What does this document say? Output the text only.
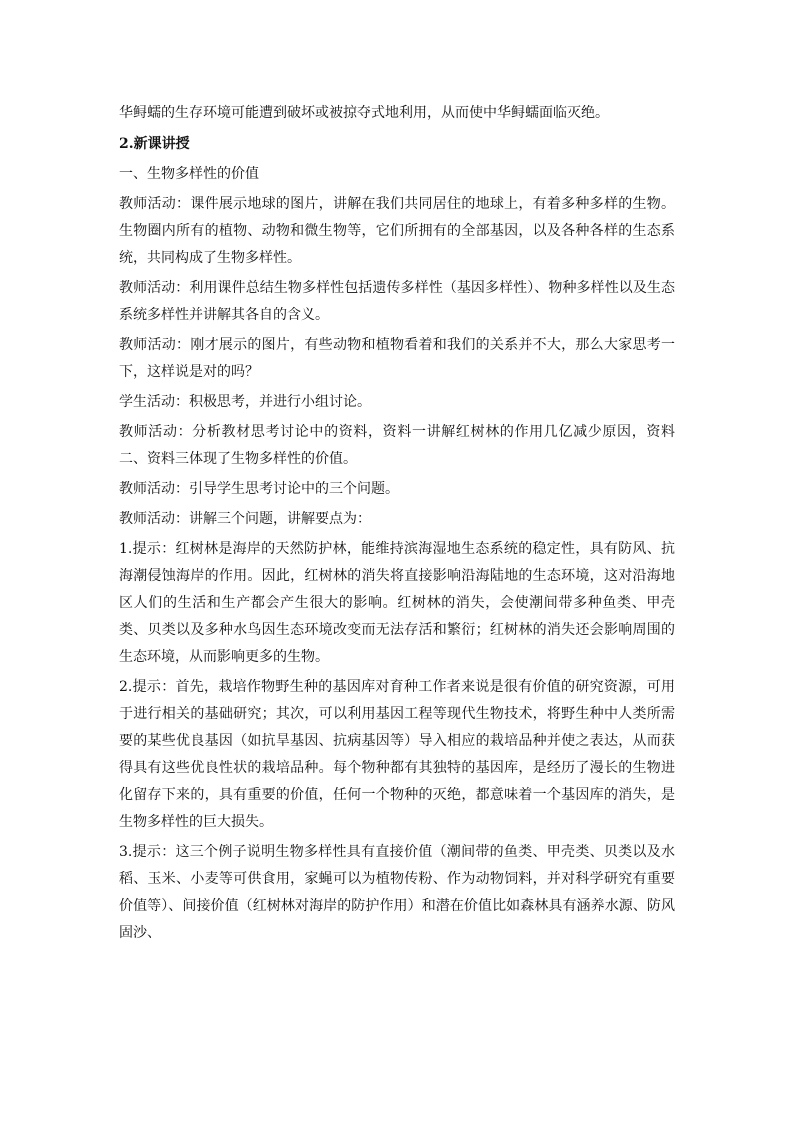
华鲟蠕的生存环境可能遭到破坏或被掠夺式地利用，从而使中华鲟蠕面临灭绝。

2.新课讲授

一、生物多样性的价值

教师活动：课件展示地球的图片，讲解在我们共同居住的地球上，有着多种多样的生物。生物圈内所有的植物、动物和微生物等，它们所拥有的全部基因，以及各种各样的生态系统，共同构成了生物多样性。

教师活动：利用课件总结生物多样性包括遗传多样性（基因多样性）、物种多样性以及生态系统多样性并讲解其各自的含义。

教师活动：刚才展示的图片，有些动物和植物看着和我们的关系并不大，那么大家思考一下，这样说是对的吗？

学生活动：积极思考，并进行小组讨论。

教师活动：分析教材思考讨论中的资料，资料一讲解红树林的作用几亿减少原因，资料二、资料三体现了生物多样性的价值。

教师活动：引导学生思考讨论中的三个问题。

教师活动：讲解三个问题，讲解要点为：

1.提示：红树林是海岸的天然防护林，能维持滨海湿地生态系统的稳定性，具有防风、抗海潮侵蚀海岸的作用。因此，红树林的消失将直接影响沿海陆地的生态环境，这对沿海地区人们的生活和生产都会产生很大的影响。红树林的消失，会使潮间带多种鱼类、甲壳类、贝类以及多种水鸟因生态环境改变而无法存活和繁衍；红树林的消失还会影响周围的生态环境，从而影响更多的生物。

2.提示：首先，栽培作物野生种的基因库对育种工作者来说是很有价值的研究资源，可用于进行相关的基础研究；其次，可以利用基因工程等现代生物技术，将野生种中人类所需要的某些优良基因（如抗旱基因、抗病基因等）导入相应的栽培品种并使之表达，从而获得具有这些优良性状的栽培品种。每个物种都有其独特的基因库，是经历了漫长的生物进化留存下来的，具有重要的价值，任何一个物种的灭绝，都意味着一个基因库的消失，是生物多样性的巨大损失。

3.提示：这三个例子说明生物多样性具有直接价值（潮间带的鱼类、甲壳类、贝类以及水稻、玉米、小麦等可供食用，家蝇可以为植物传粉、作为动物饲料，并对科学研究有重要价值等）、间接价值（红树林对海岸的防护作用）和潜在价值比如森林具有涵养水源、防风固沙、
